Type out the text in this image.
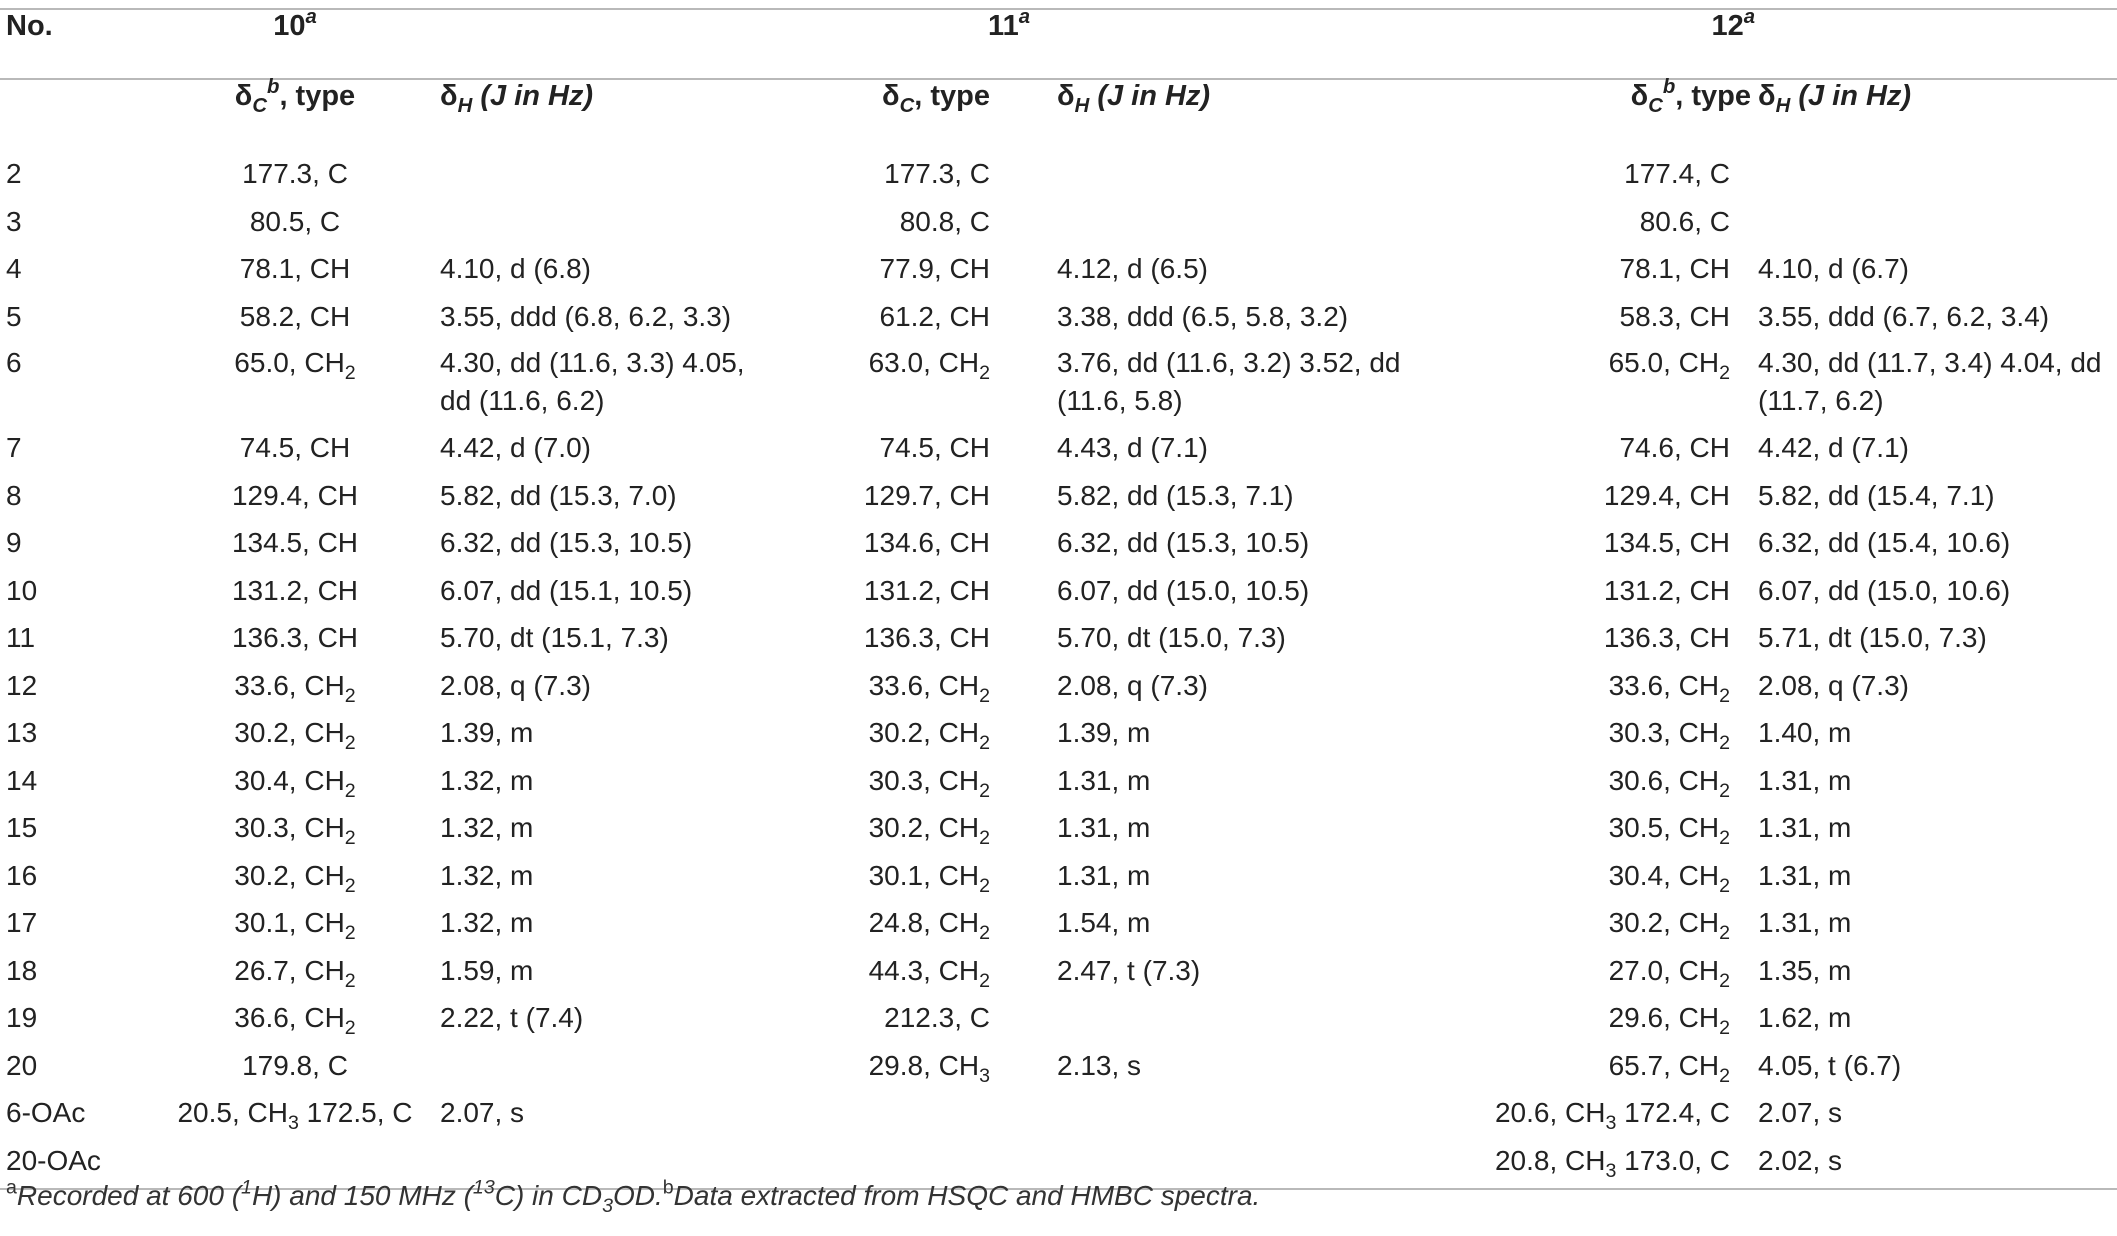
No.	10$^a$		11$^a$		12$^a$	
	$\delta_C^b$, type	$\delta_H$ (J in Hz)	$\delta_C$, type	$\delta_H$ (J in Hz)	$\delta_C^b$, type	$\delta_H$ (J in Hz)
2	177.3, C		177.3, C		177.4, C	
3	80.5, C		80.8, C		80.6, C	
4	78.1, CH	4.10, d (6.8)	77.9, CH	4.12, d (6.5)	78.1, CH	4.10, d (6.7)
5	58.2, CH	3.55, ddd (6.8, 6.2, 3.3)	61.2, CH	3.38, ddd (6.5, 5.8, 3.2)	58.3, CH	3.55, ddd (6.7, 6.2, 3.4)
6	65.0, $CH_2$	4.30, dd (11.6, 3.3) 4.05, dd (11.6, 6.2)	63.0, $CH_2$	3.76, dd (11.6, 3.2) 3.52, dd (11.6, 5.8)	65.0, $CH_2$	4.30, dd (11.7, 3.4) 4.04, dd (11.7, 6.2)
7	74.5, CH	4.42, d (7.0)	74.5, CH	4.43, d (7.1)	74.6, CH	4.42, d (7.1)
8	129.4, CH	5.82, dd (15.3, 7.0)	129.7, CH	5.82, dd (15.3, 7.1)	129.4, CH	5.82, dd (15.4, 7.1)
9	134.5, CH	6.32, dd (15.3, 10.5)	134.6, CH	6.32, dd (15.3, 10.5)	134.5, CH	6.32, dd (15.4, 10.6)
10	131.2, CH	6.07, dd (15.1, 10.5)	131.2, CH	6.07, dd (15.0, 10.5)	131.2, CH	6.07, dd (15.0, 10.6)
11	136.3, CH	5.70, dt (15.1, 7.3)	136.3, CH	5.70, dt (15.0, 7.3)	136.3, CH	5.71, dt (15.0, 7.3)
12	33.6, $CH_2$	2.08, q (7.3)	33.6, $CH_2$	2.08, q (7.3)	33.6, $CH_2$	2.08, q (7.3)
13	30.2, $CH_2$	1.39, m	30.2, $CH_2$	1.39, m	30.3, $CH_2$	1.40, m
14	30.4, $CH_2$	1.32, m	30.3, $CH_2$	1.31, m	30.6, $CH_2$	1.31, m
15	30.3, $CH_2$	1.32, m	30.2, $CH_2$	1.31, m	30.5, $CH_2$	1.31, m
16	30.2, $CH_2$	1.32, m	30.1, $CH_2$	1.31, m	30.4, $CH_2$	1.31, m
17	30.1, $CH_2$	1.32, m	24.8, $CH_2$	1.54, m	30.2, $CH_2$	1.31, m
18	26.7, $CH_2$	1.59, m	44.3, $CH_2$	2.47, t (7.3)	27.0, $CH_2$	1.35, m
19	36.6, $CH_2$	2.22, t (7.4)	212.3, C		29.6, $CH_2$	1.62, m
20	179.8, C		29.8, $CH_3$	2.13, s	65.7, $CH_2$	4.05, t (6.7)
6-OAc	20.5, $CH_3$ 172.5, C	2.07, s			20.6, $CH_3$ 172.4, C	2.07, s
20-OAc					20.8, $CH_3$ 173.0, C	2.02, s

$^a$Recorded at 600 ($^1$H) and 150 MHz ($^{13}$C) in $CD_3OD.^bData$ extracted from HSQC and HMBC spectra.
